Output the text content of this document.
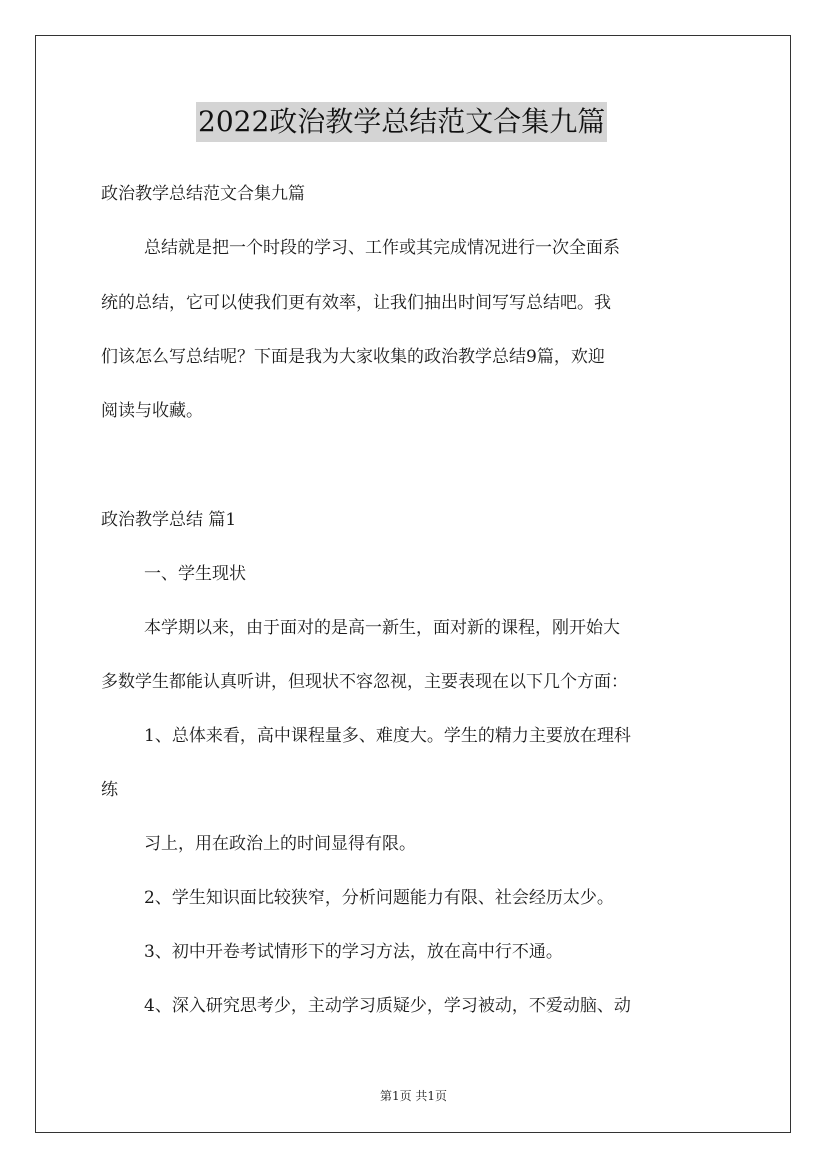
2022政治教学总结范文合集九篇
政治教学总结范文合集九篇
总结就是把一个时段的学习、工作或其完成情况进行一次全面系
统的总结，它可以使我们更有效率，让我们抽出时间写写总结吧。我
们该怎么写总结呢？下面是我为大家收集的政治教学总结9篇，欢迎
阅读与收藏。
政治教学总结 篇1
一、学生现状
本学期以来，由于面对的是高一新生，面对新的课程，刚开始大
多数学生都能认真听讲，但现状不容忽视，主要表现在以下几个方面：
1、总体来看，高中课程量多、难度大。学生的精力主要放在理科
练
习上，用在政治上的时间显得有限。
2、学生知识面比较狭窄，分析问题能力有限、社会经历太少。
3、初中开卷考试情形下的学习方法，放在高中行不通。
4、深入研究思考少，主动学习质疑少，学习被动，不爱动脑、动
第1页 共1页
